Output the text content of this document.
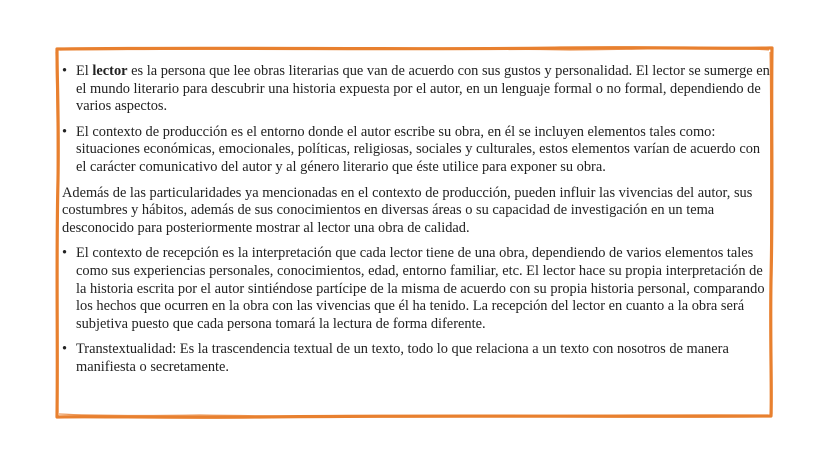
• El lector es la persona que lee obras literarias que van de acuerdo con sus gustos y personalidad. El lector se sumerge en el mundo literario para descubrir una historia expuesta por el autor, en un lenguaje formal o no formal, dependiendo de varios aspectos.
• El contexto de producción es el entorno donde el autor escribe su obra, en él se incluyen elementos tales como: situaciones económicas, emocionales, políticas, religiosas, sociales y culturales, estos elementos varían de acuerdo con el carácter comunicativo del autor y al género literario que éste utilice para exponer su obra.

Además de las particularidades ya mencionadas en el contexto de producción, pueden influir las vivencias del autor, sus costumbres y hábitos, además de sus conocimientos en diversas áreas o su capacidad de investigación en un tema desconocido para posteriormente mostrar al lector una obra de calidad.

• El contexto de recepción es la interpretación que cada lector tiene de una obra, dependiendo de varios elementos tales como sus experiencias personales, conocimientos, edad, entorno familiar, etc. El lector hace su propia interpretación de la historia escrita por el autor sintiéndose partícipe de la misma de acuerdo con su propia historia personal, comparando los hechos que ocurren en la obra con las vivencias que él ha tenido. La recepción del lector en cuanto a la obra será subjetiva puesto que cada persona tomará la lectura de forma diferente.
• Transtextualidad: Es la trascendencia textual de un texto, todo lo que relaciona a un texto con nosotros de manera manifiesta o secretamente.
